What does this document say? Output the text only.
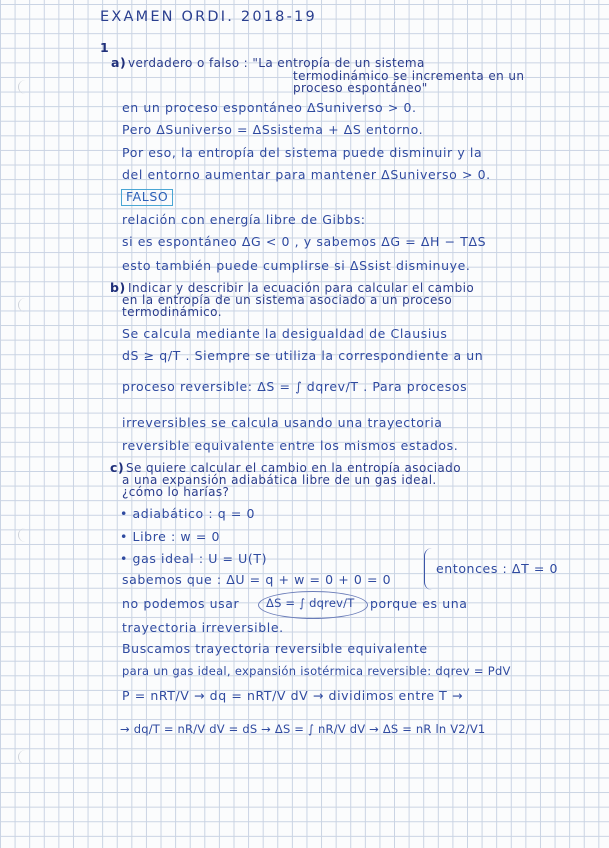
EXAMEN ORDI. 2018-19
1
a) verdadero o falso : "La entropía de un sistema
termodinámico se incrementa en un
proceso espontáneo"
en un proceso espontáneo ΔSuniverso > 0.
Pero ΔSuniverso = ΔSsistema + ΔS entorno.
Por eso, la entropía del sistema puede disminuir y la
del entorno aumentar para mantener ΔSuniverso > 0.
FALSO
relación con energía libre de Gibbs:
si es espontáneo ΔG < 0 , y sabemos ΔG = ΔH − TΔS
esto también puede cumplirse si ΔSsist disminuye.
b) Indicar y describir la ecuación para calcular el cambio
en la entropía de un sistema asociado a un proceso
termodinámico.
Se calcula mediante la desigualdad de Clausius
dS ≥ q/T . Siempre se utiliza la correspondiente a un
proceso reversible: ΔS = ∫ dqrev/T . Para procesos
irreversibles se calcula usando una trayectoria
reversible equivalente entre los mismos estados.
c) Se quiere calcular el cambio en la entropía asociado
a una expansión adiabática libre de un gas ideal.
¿cómo lo harías?
• adiabático : q = 0
• Libre : w = 0
• gas ideal : U = U(T)
sabemos que : ΔU = q + w = 0 + 0 = 0
entonces : ΔT = 0
no podemos usar ΔS = ∫ dqrev/T porque es una
trayectoria irreversible.
Buscamos trayectoria reversible equivalente
para un gas ideal, expansión isotérmica reversible: dqrev = PdV
P = nRT/V → dq = nRT/V dV → dividimos entre T →
→ dq/T = nR/V dV = dS → ΔS = ∫ nR/V dV → ΔS = nR ln V2/V1
